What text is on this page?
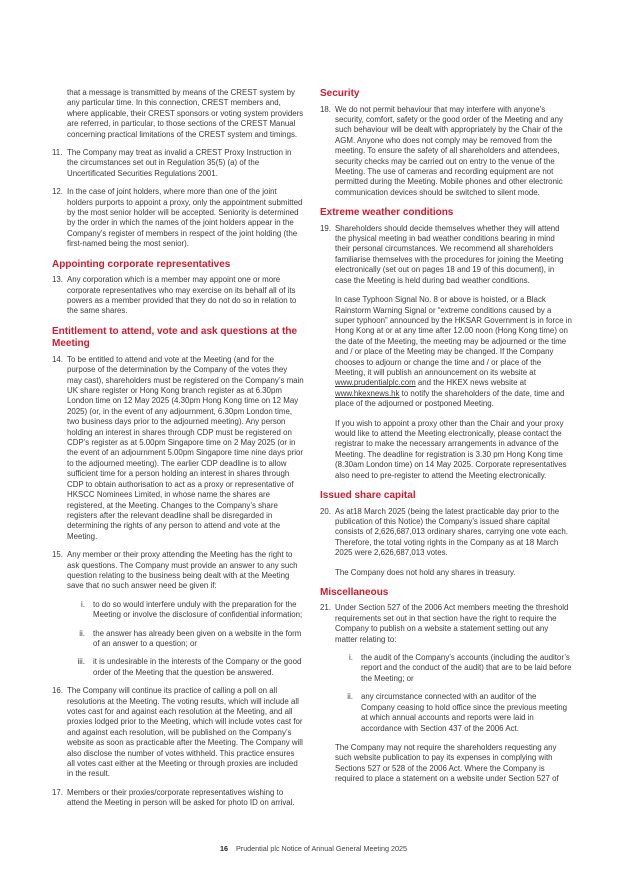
that a message is transmitted by means of the CREST system by any particular time. In this connection, CREST members and, where applicable, their CREST sponsors or voting system providers are referred, in particular, to those sections of the CREST Manual concerning practical limitations of the CREST system and timings.
11. The Company may treat as invalid a CREST Proxy Instruction in the circumstances set out in Regulation 35(5) (a) of the Uncertificated Securities Regulations 2001.
12. In the case of joint holders, where more than one of the joint holders purports to appoint a proxy, only the appointment submitted by the most senior holder will be accepted. Seniority is determined by the order in which the names of the joint holders appear in the Company’s register of members in respect of the joint holding (the first-named being the most senior).
Appointing corporate representatives
13. Any corporation which is a member may appoint one or more corporate representatives who may exercise on its behalf all of its powers as a member provided that they do not do so in relation to the same shares.
Entitlement to attend, vote and ask questions at the Meeting
14. To be entitled to attend and vote at the Meeting (and for the purpose of the determination by the Company of the votes they may cast), shareholders must be registered on the Company’s main UK share register or Hong Kong branch register as at 6.30pm London time on 12 May 2025 (4.30pm Hong Kong time on 12 May 2025) (or, in the event of any adjournment, 6.30pm London time, two business days prior to the adjourned meeting). Any person holding an interest in shares through CDP must be registered on CDP’s register as at 5.00pm Singapore time on 2 May 2025 (or in the event of an adjournment 5.00pm Singapore time nine days prior to the adjourned meeting). The earlier CDP deadline is to allow sufficient time for a person holding an interest in shares through CDP to obtain authorisation to act as a proxy or representative of HKSCC Nominees Limited, in whose name the shares are registered, at the Meeting. Changes to the Company’s share registers after the relevant deadline shall be disregarded in determining the rights of any person to attend and vote at the Meeting.
15. Any member or their proxy attending the Meeting has the right to ask questions. The Company must provide an answer to any such question relating to the business being dealt with at the Meeting save that no such answer need be given if:
i.	to do so would interfere unduly with the preparation for the Meeting or involve the disclosure of confidential information;
ii.	the answer has already been given on a website in the form of an answer to a question; or
iii.	it is undesirable in the interests of the Company or the good order of the Meeting that the question be answered.
16. The Company will continue its practice of calling a poll on all resolutions at the Meeting. The voting results, which will include all votes cast for and against each resolution at the Meeting, and all proxies lodged prior to the Meeting, which will include votes cast for and against each resolution, will be published on the Company’s website as soon as practicable after the Meeting. The Company will also disclose the number of votes withheld. This practice ensures all votes cast either at the Meeting or through proxies are included in the result.
17. Members or their proxies/corporate representatives wishing to attend the Meeting in person will be asked for photo ID on arrival.
Security
18. We do not permit behaviour that may interfere with anyone’s security, comfort, safety or the good order of the Meeting and any such behaviour will be dealt with appropriately by the Chair of the AGM. Anyone who does not comply may be removed from the meeting. To ensure the safety of all shareholders and attendees, security checks may be carried out on entry to the venue of the Meeting. The use of cameras and recording equipment are not permitted during the Meeting. Mobile phones and other electronic communication devices should be switched to silent mode.
Extreme weather conditions
19. Shareholders should decide themselves whether they will attend the physical meeting in bad weather conditions bearing in mind their personal circumstances. We recommend all shareholders familiarise themselves with the procedures for joining the Meeting electronically (set out on pages 18 and 19 of this document), in case the Meeting is held during bad weather conditions.
In case Typhoon Signal No. 8 or above is hoisted, or a Black Rainstorm Warning Signal or “extreme conditions caused by a super typhoon” announced by the HKSAR Government is in force in Hong Kong at or at any time after 12.00 noon (Hong Kong time) on the date of the Meeting, the meeting may be adjourned or the time and / or place of the Meeting may be changed. If the Company chooses to adjourn or change the time and / or place of the Meeting, it will publish an announcement on its website at www.prudentialplc.com and the HKEX news website at www.hkexnews.hk to notify the shareholders of the date, time and place of the adjourned or postponed Meeting.
If you wish to appoint a proxy other than the Chair and your proxy would like to attend the Meeting electronically, please contact the registrar to make the necessary arrangements in advance of the Meeting. The deadline for registration is 3.30 pm Hong Kong time (8.30am London time) on 14 May 2025. Corporate representatives also need to pre-register to attend the Meeting electronically.
Issued share capital
20. As at18 March 2025 (being the latest practicable day prior to the publication of this Notice) the Company’s issued share capital consists of 2,626,687,013 ordinary shares, carrying one vote each. Therefore, the total voting rights in the Company as at 18 March 2025 were 2,626,687,013 votes.
The Company does not hold any shares in treasury.
Miscellaneous
21. Under Section 527 of the 2006 Act members meeting the threshold requirements set out in that section have the right to require the Company to publish on a website a statement setting out any matter relating to:
i.	the audit of the Company’s accounts (including the auditor’s report and the conduct of the audit) that are to be laid before the Meeting; or
ii.	any circumstance connected with an auditor of the Company ceasing to hold office since the previous meeting at which annual accounts and reports were laid in accordance with Section 437 of the 2006 Act.
The Company may not require the shareholders requesting any such website publication to pay its expenses in complying with Sections 527 or 528 of the 2006 Act. Where the Company is required to place a statement on a website under Section 527 of
16 Prudential plc Notice of Annual General Meeting 2025
